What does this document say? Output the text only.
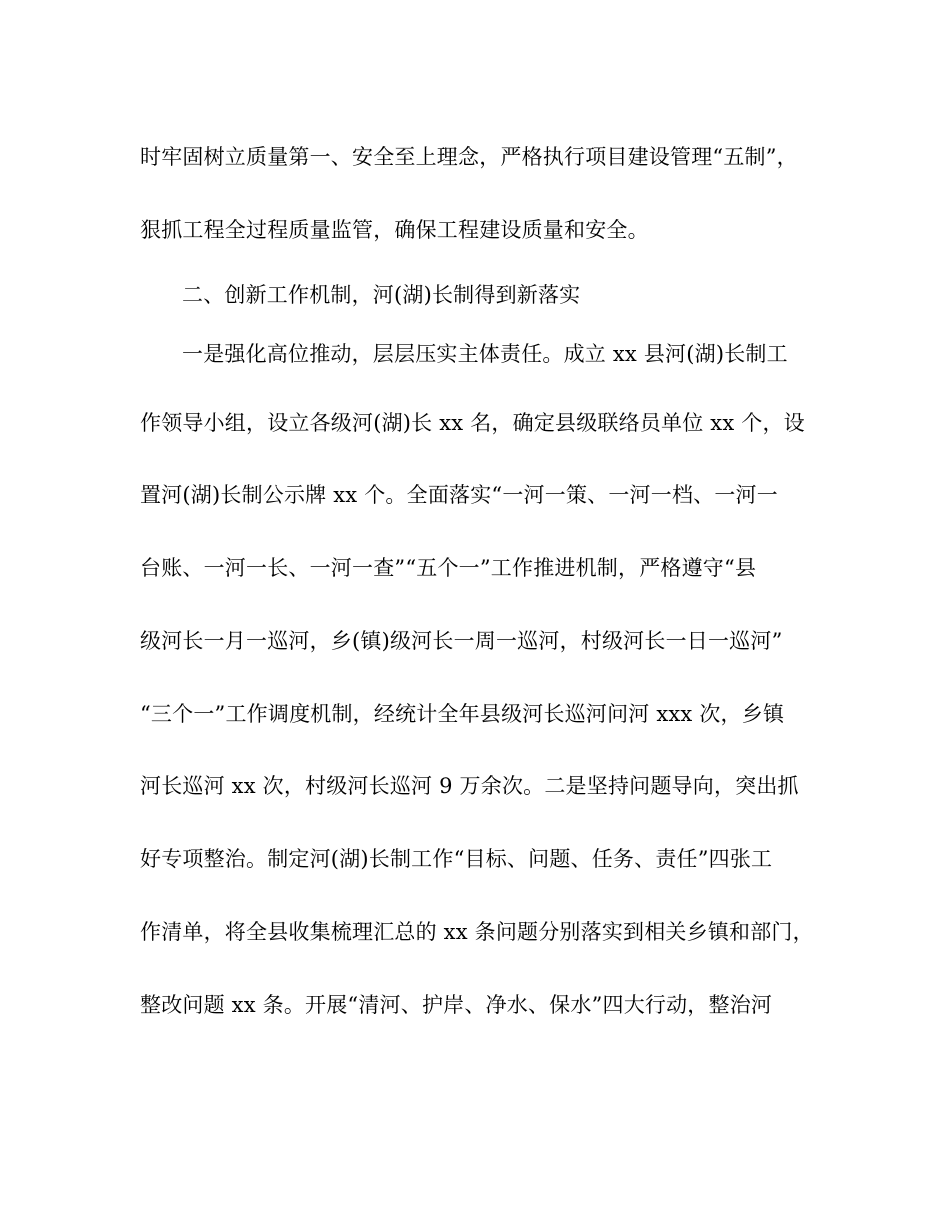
时牢固树立质量第一、安全至上理念，严格执行项目建设管理“五制”，
狠抓工程全过程质量监管，确保工程建设质量和安全。
二、创新工作机制，河(湖)长制得到新落实
一是强化高位推动，层层压实主体责任。成立 xx 县河(湖)长制工
作领导小组，设立各级河(湖)长 xx 名，确定县级联络员单位 xx 个，设
置河(湖)长制公示牌 xx 个。全面落实“一河一策、一河一档、一河一
台账、一河一长、一河一查”“五个一”工作推进机制，严格遵守“县
级河长一月一巡河，乡(镇)级河长一周一巡河，村级河长一日一巡河”
“三个一”工作调度机制，经统计全年县级河长巡河问河 xxx 次，乡镇
河长巡河 xx 次，村级河长巡河 9 万余次。二是坚持问题导向，突出抓
好专项整治。制定河(湖)长制工作“目标、问题、任务、责任”四张工
作清单，将全县收集梳理汇总的 xx 条问题分别落实到相关乡镇和部门，
整改问题 xx 条。开展“清河、护岸、净水、保水”四大行动，整治河
